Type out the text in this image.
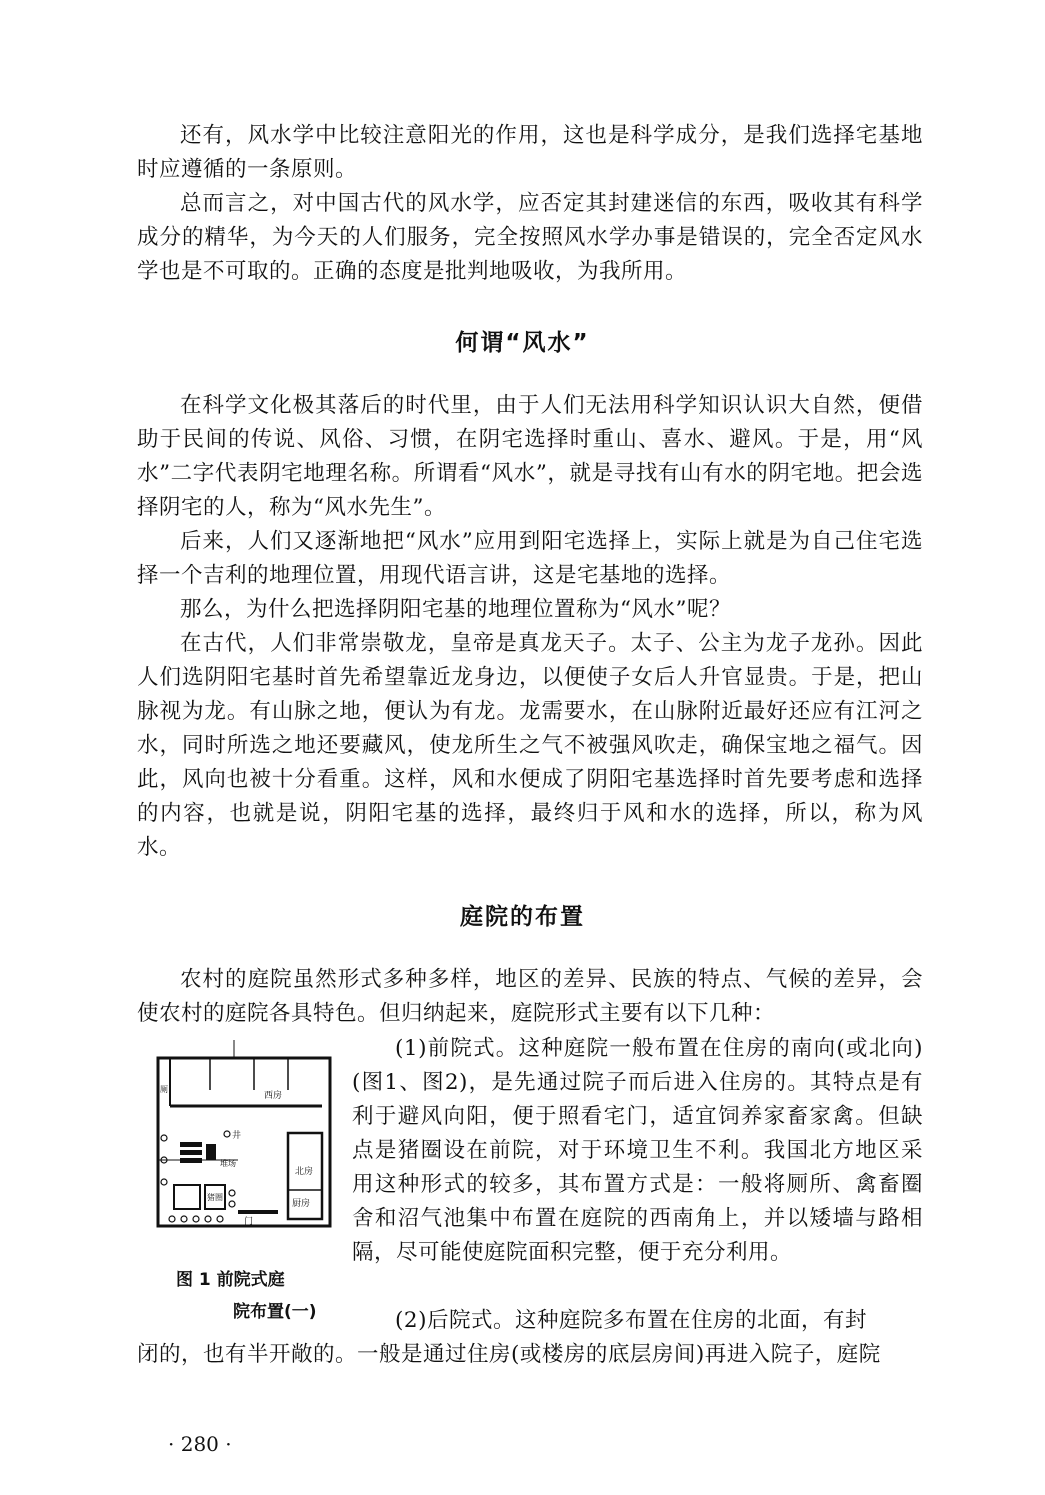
还有，风水学中比较注意阳光的作用，这也是科学成分，是我们选择宅基地时应遵循的一条原则。

总而言之，对中国古代的风水学，应否定其封建迷信的东西，吸收其有科学成分的精华，为今天的人们服务，完全按照风水学办事是错误的，完全否定风水学也是不可取的。正确的态度是批判地吸收，为我所用。

何谓“风水”

在科学文化极其落后的时代里，由于人们无法用科学知识认识大自然，便借助于民间的传说、风俗、习惯，在阴宅选择时重山、喜水、避风。于是，用“风水”二字代表阴宅地理名称。所谓看“风水”，就是寻找有山有水的阴宅地。把会选择阴宅的人，称为“风水先生”。

后来，人们又逐渐地把“风水”应用到阳宅选择上，实际上就是为自己住宅选择一个吉利的地理位置，用现代语言讲，这是宅基地的选择。

那么，为什么把选择阴阳宅基的地理位置称为“风水”呢？

在古代，人们非常崇敬龙，皇帝是真龙天子。太子、公主为龙子龙孙。因此人们选阴阳宅基时首先希望靠近龙身边，以便使子女后人升官显贵。于是，把山脉视为龙。有山脉之地，便认为有龙。龙需要水，在山脉附近最好还应有江河之水，同时所选之地还要藏风，使龙所生之气不被强风吹走，确保宝地之福气。因此，风向也被十分看重。这样，风和水便成了阴阳宅基选择时首先要考虑和选择的内容，也就是说，阴阳宅基的选择，最终归于风和水的选择，所以，称为风水。

庭院的布置

农村的庭院虽然形式多种多样，地区的差异、民族的特点、气候的差异，会使农村的庭院各具特色。但归纳起来，庭院形式主要有以下几种：

(1)前院式。这种庭院一般布置在住房的南向(或北向)(图1、图2)，是先通过院子而后进入住房的。其特点是有利于避风向阳，便于照看宅门，适宜饲养家畜家禽。但缺点是猪圈设在前院，对于环境卫生不利。我国北方地区采用这种形式的较多，其布置方式是：一般将厕所、禽畜圈舍和沼气池集中布置在庭院的西南角上，并以矮墙与路相隔，尽可能使庭院面积完整，便于充分利用。

(2)后院式。这种庭院多布置在住房的北面，有封

闭的，也有半开敞的。一般是通过住房(或楼房的底层房间)再进入院子，庭院

西房
井
北房
厨房
门
厕
猪圈
堆场
图 1 前院式庭
院布置(一)
· 280 ·
